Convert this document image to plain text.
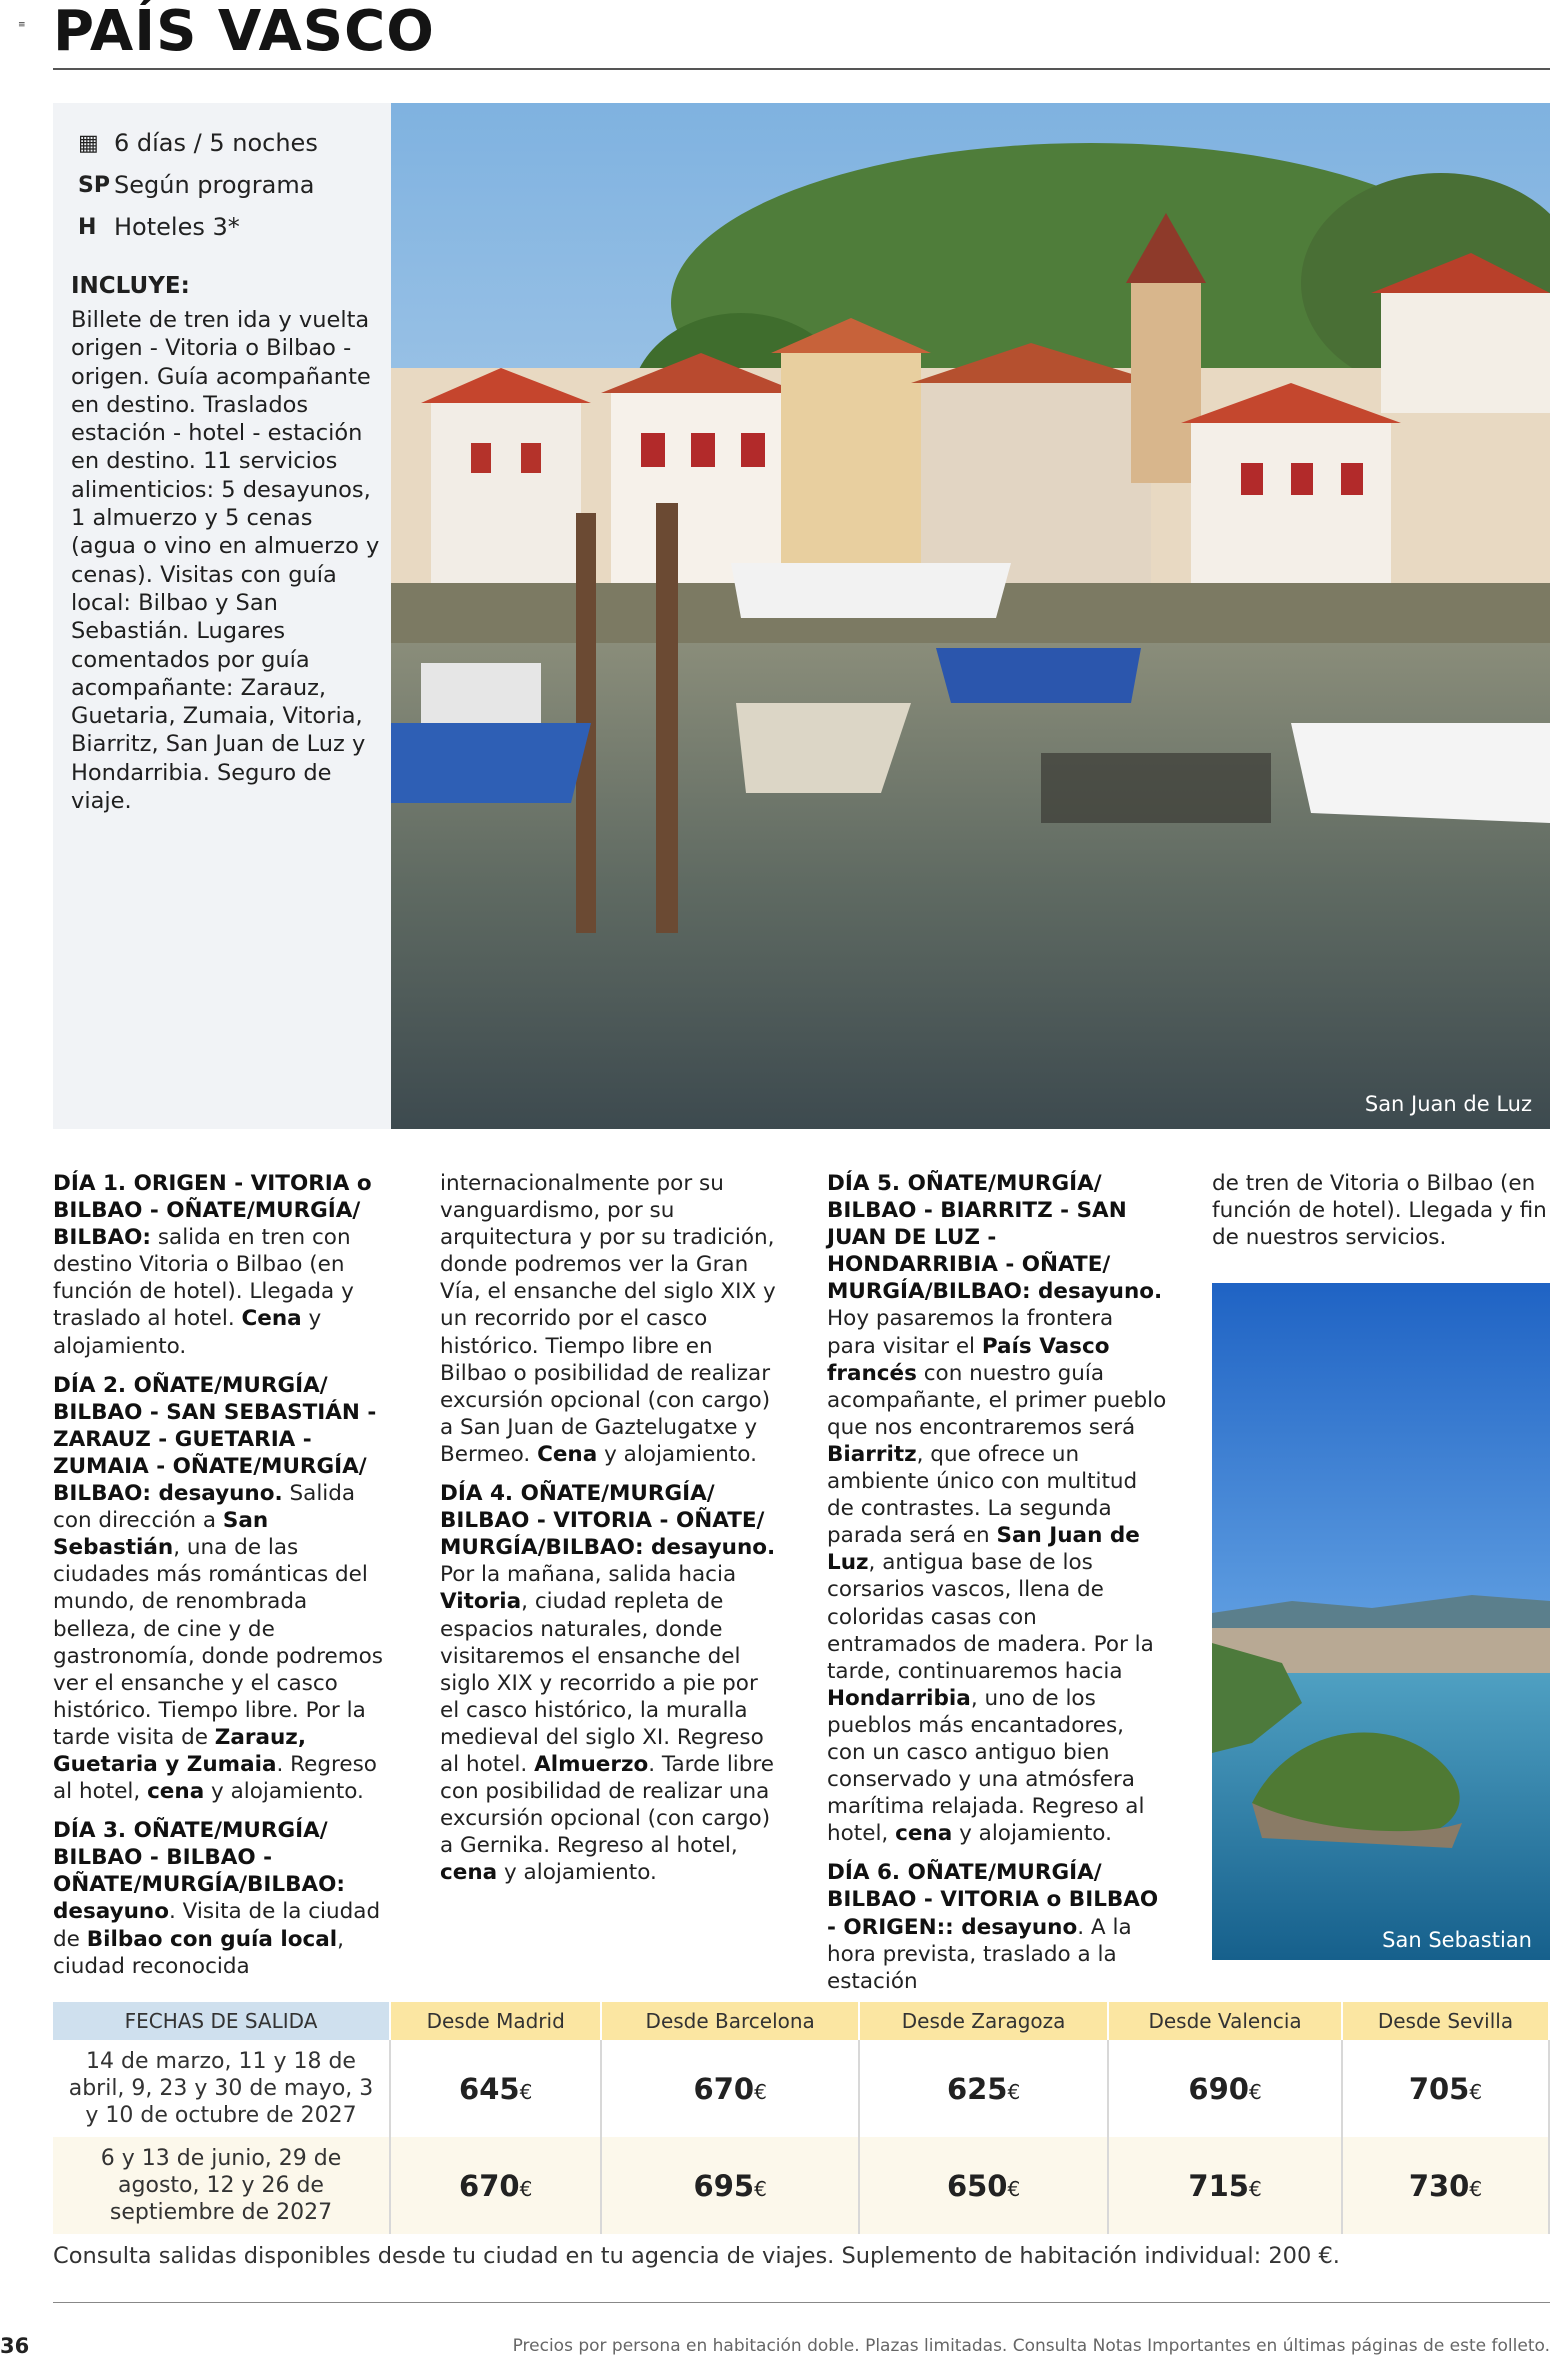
PAÍS VASCO
≡
▦ 6 días / 5 noches
SP Según programa
H Hoteles 3*
INCLUYE:
Billete de tren ida y vuelta origen - Vitoria o Bilbao - origen. Guía acompañante en destino. Traslados estación - hotel - estación en destino. 11 servicios alimenticios: 5 desayunos, 1 almuerzo y 5 cenas (agua o vino en almuerzo y cenas). Visitas con guía local: Bilbao y San Sebastián. Lugares comentados por guía acompañante: Zarauz, Guetaria, Zumaia, Vitoria, Biarritz, San Juan de Luz y Hondarribia. Seguro de viaje.
San Juan de Luz

DÍA 1. ORIGEN - VITORIA o BILBAO - OÑATE/MURGÍA/ BILBAO: salida en tren con destino Vitoria o Bilbao (en función de hotel). Llegada y traslado al hotel. Cena y alojamiento.

DÍA 2. OÑATE/MURGÍA/ BILBAO - SAN SEBASTIÁN - ZARAUZ - GUETARIA - ZUMAIA - OÑATE/MURGÍA/ BILBAO: desayuno. Salida con dirección a San Sebastián, una de las ciudades más románticas del mundo, de renombrada belleza, de cine y de gastronomía, donde podremos ver el ensanche y el casco histórico. Tiempo libre. Por la tarde visita de Zarauz, Guetaria y Zumaia. Regreso al hotel, cena y alojamiento.

DÍA 3. OÑATE/MURGÍA/ BILBAO - BILBAO - OÑATE/MURGÍA/BILBAO: desayuno. Visita de la ciudad de Bilbao con guía local, ciudad reconocida

internacionalmente por su vanguardismo, por su arquitectura y por su tradición, donde podremos ver la Gran Vía, el ensanche del siglo XIX y un recorrido por el casco histórico. Tiempo libre en Bilbao o posibilidad de realizar excursión opcional (con cargo) a San Juan de Gaztelugatxe y Bermeo. Cena y alojamiento.

DÍA 4. OÑATE/MURGÍA/ BILBAO - VITORIA - OÑATE/ MURGÍA/BILBAO: desayuno. Por la mañana, salida hacia Vitoria, ciudad repleta de espacios naturales, donde visitaremos el ensanche del siglo XIX y recorrido a pie por el casco histórico, la muralla medieval del siglo XI. Regreso al hotel. Almuerzo. Tarde libre con posibilidad de realizar una excursión opcional (con cargo) a Gernika. Regreso al hotel, cena y alojamiento.

DÍA 5. OÑATE/MURGÍA/ BILBAO - BIARRITZ - SAN JUAN DE LUZ - HONDARRIBIA - OÑATE/ MURGÍA/BILBAO: desayuno. Hoy pasaremos la frontera para visitar el País Vasco francés con nuestro guía acompañante, el primer pueblo que nos encontraremos será Biarritz, que ofrece un ambiente único con multitud de contrastes. La segunda parada será en San Juan de Luz, antigua base de los corsarios vascos, llena de coloridas casas con entramados de madera. Por la tarde, continuaremos hacia Hondarribia, uno de los pueblos más encantadores, con un casco antiguo bien conservado y una atmósfera marítima relajada. Regreso al hotel, cena y alojamiento.

DÍA 6. OÑATE/MURGÍA/ BILBAO - VITORIA o BILBAO - ORIGEN:: desayuno. A la hora prevista, traslado a la estación

de tren de Vitoria o Bilbao (en función de hotel). Llegada y fin de nuestros servicios.

San Sebastian
FECHAS DE SALIDA	Desde Madrid	Desde Barcelona	Desde Zaragoza	Desde Valencia	Desde Sevilla
14 de marzo, 11 y 18 de abril, 9, 23 y 30 de mayo, 3 y 10 de octubre de 2027	645€	670€	625€	690€	705€
6 y 13 de junio, 29 de agosto, 12 y 26 de septiembre de 2027	670€	695€	650€	715€	730€
Consulta salidas disponibles desde tu ciudad en tu agencia de viajes. Suplemento de habitación individual: 200 €.
36	Precios por persona en habitación doble. Plazas limitadas. Consulta Notas Importantes en últimas páginas de este folleto.
